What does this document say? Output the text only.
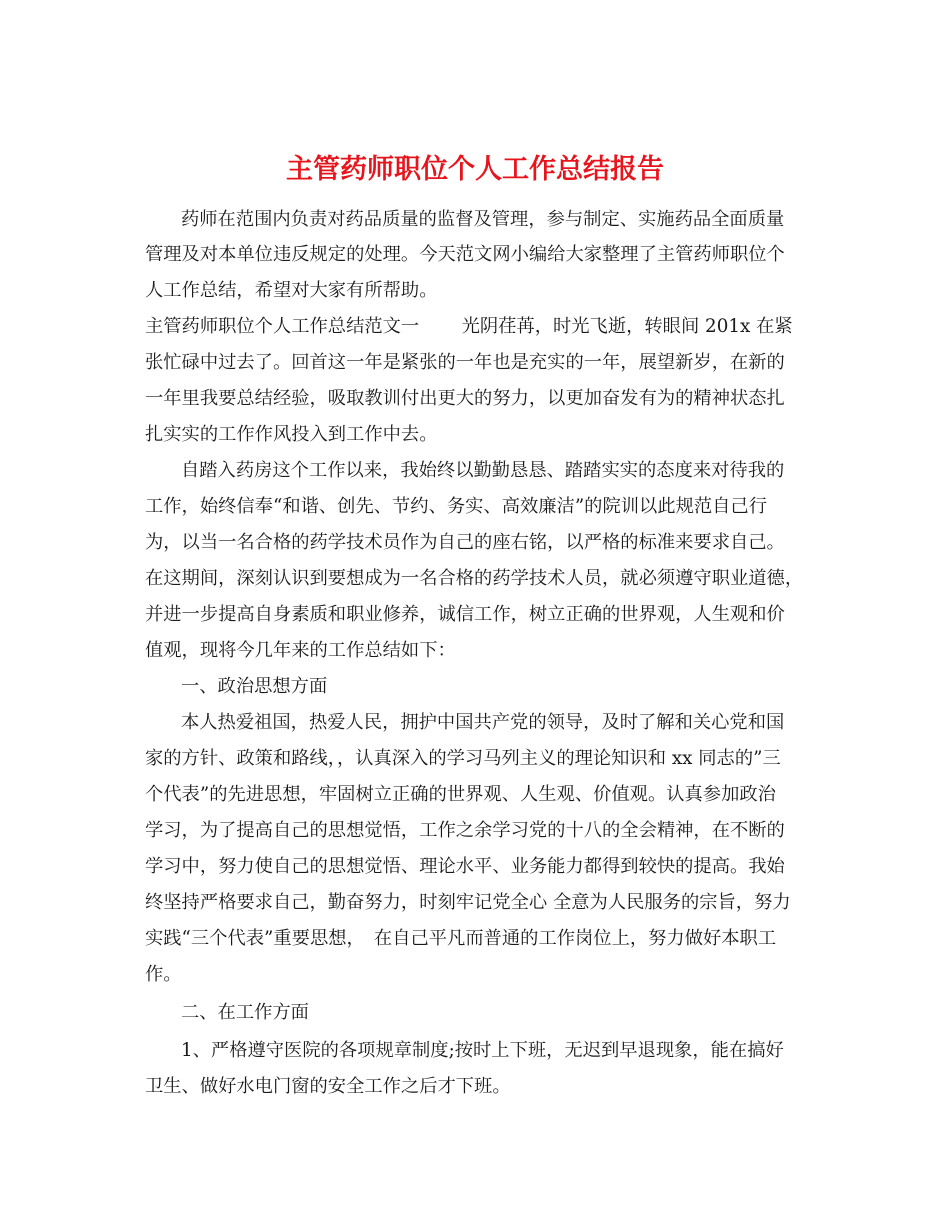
主管药师职位个人工作总结报告

药师在范围内负责对药品质量的监督及管理，参与制定、实施药品全面质量

管理及对本单位违反规定的处理。今天范文网小编给大家整理了主管药师职位个

人工作总结，希望对大家有所帮助。

主管药师职位个人工作总结范文一　　 光阴荏苒，时光飞逝，转眼间 201x 在紧

张忙碌中过去了。回首这一年是紧张的一年也是充实的一年，展望新岁，在新的

一年里我要总结经验，吸取教训付出更大的努力，以更加奋发有为的精神状态扎

扎实实的工作作风投入到工作中去。

自踏入药房这个工作以来，我始终以勤勤恳恳、踏踏实实的态度来对待我的

工作，始终信奉“和谐、创先、节约、务实、高效廉洁”的院训以此规范自己行

为，以当一名合格的药学技术员作为自己的座右铭，以严格的标准来要求自己。

在这期间，深刻认识到要想成为一名合格的药学技术人员，就必须遵守职业道德，

并进一步提高自身素质和职业修养，诚信工作，树立正确的世界观，人生观和价

值观，现将今几年来的工作总结如下：

一、政治思想方面

本人热爱祖国，热爱人民，拥护中国共产党的领导，及时了解和关心党和国

家的方针、政策和路线，，认真深入的学习马列主义的理论知识和 xx 同志的”三

个代表”的先进思想，牢固树立正确的世界观、人生观、价值观。认真参加政治

学习，为了提高自己的思想觉悟，工作之余学习党的十八的全会精神，在不断的

学习中，努力使自己的思想觉悟、理论水平、业务能力都得到较快的提高。我始

终坚持严格要求自己，勤奋努力，时刻牢记党全心 全意为人民服务的宗旨，努力

实践“三个代表”重要思想，　在自己平凡而普通的工作岗位上，努力做好本职工

作。

二、在工作方面

1、严格遵守医院的各项规章制度;按时上下班，无迟到早退现象，能在搞好

卫生、做好水电门窗的安全工作之后才下班。
